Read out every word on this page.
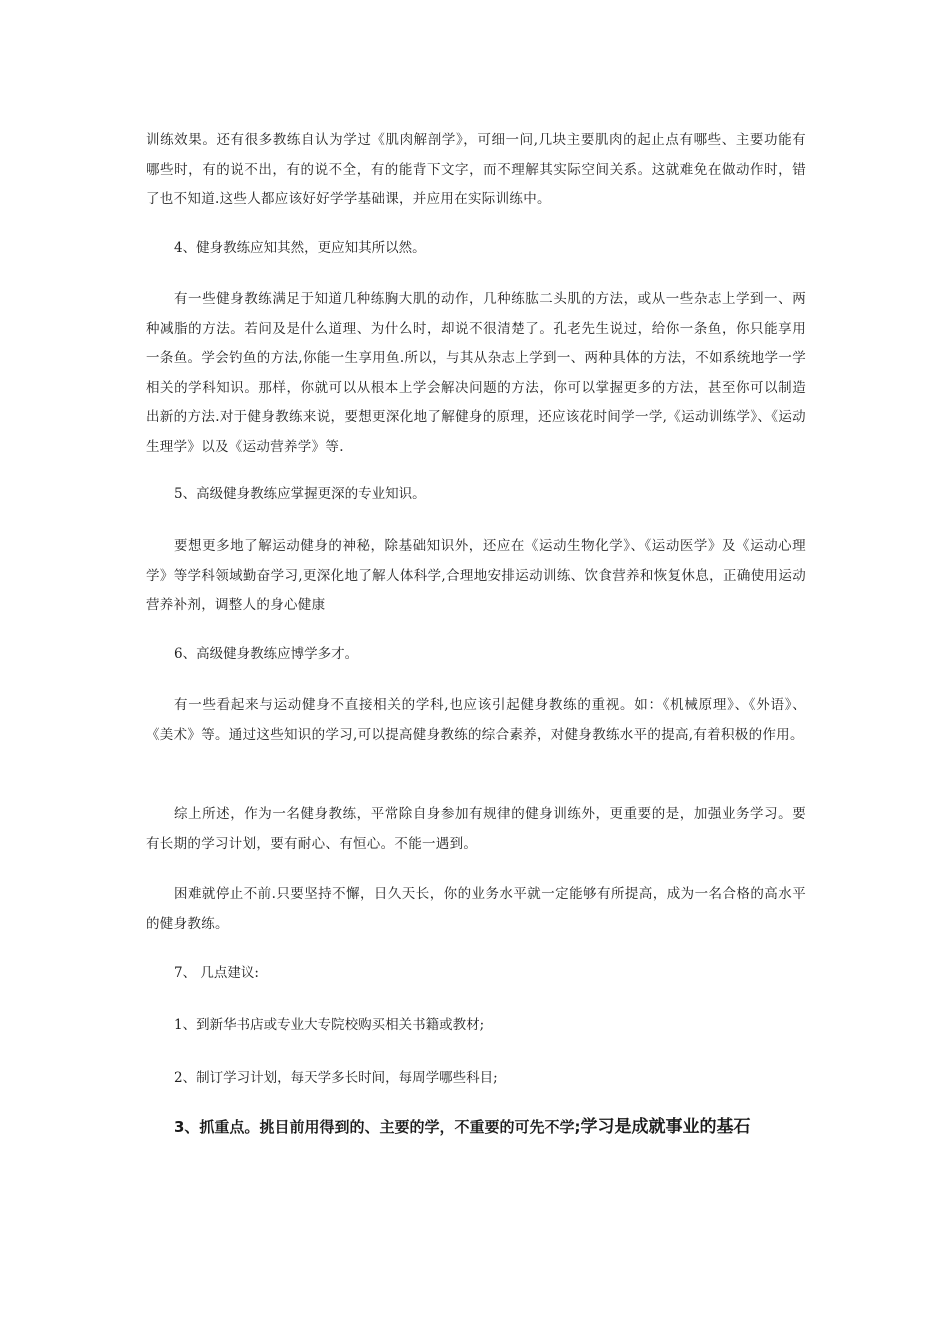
训练效果。还有很多教练自认为学过《肌肉解剖学》，可细一问,几块主要肌肉的起止点有哪些、主要功能有哪些时，有的说不出，有的说不全，有的能背下文字，而不理解其实际空间关系。这就难免在做动作时，错了也不知道.这些人都应该好好学学基础课，并应用在实际训练中。

4、健身教练应知其然，更应知其所以然。

有一些健身教练满足于知道几种练胸大肌的动作，几种练肱二头肌的方法，或从一些杂志上学到一、两种减脂的方法。若问及是什么道理、为什么时，却说不很清楚了。孔老先生说过，给你一条鱼，你只能享用一条鱼。学会钓鱼的方法,你能一生享用鱼.所以，与其从杂志上学到一、两种具体的方法，不如系统地学一学相关的学科知识。那样，你就可以从根本上学会解决问题的方法，你可以掌握更多的方法，甚至你可以制造出新的方法.对于健身教练来说，要想更深化地了解健身的原理，还应该花时间学一学,《运动训练学》、《运动生理学》以及《运动营养学》等.

5、高级健身教练应掌握更深的专业知识。

要想更多地了解运动健身的神秘，除基础知识外，还应在《运动生物化学》、《运动医学》及《运动心理学》等学科领域勤奋学习,更深化地了解人体科学,合理地安排运动训练、饮食营养和恢复休息，正确使用运动营养补剂，调整人的身心健康

6、高级健身教练应博学多才。

有一些看起来与运动健身不直接相关的学科,也应该引起健身教练的重视。如：《机械原理》、《外语》、《美术》等。通过这些知识的学习,可以提高健身教练的综合素养，对健身教练水平的提高,有着积极的作用。

综上所述，作为一名健身教练，平常除自身参加有规律的健身训练外，更重要的是，加强业务学习。要有长期的学习计划，要有耐心、有恒心。不能一遇到。

困难就停止不前.只要坚持不懈，日久天长，你的业务水平就一定能够有所提高，成为一名合格的高水平的健身教练。

7、 几点建议:

1、到新华书店或专业大专院校购买相关书籍或教材;

2、制订学习计划，每天学多长时间，每周学哪些科目;

3、抓重点。挑目前用得到的、主要的学，不重要的可先不学;学习是成就事业的基石
